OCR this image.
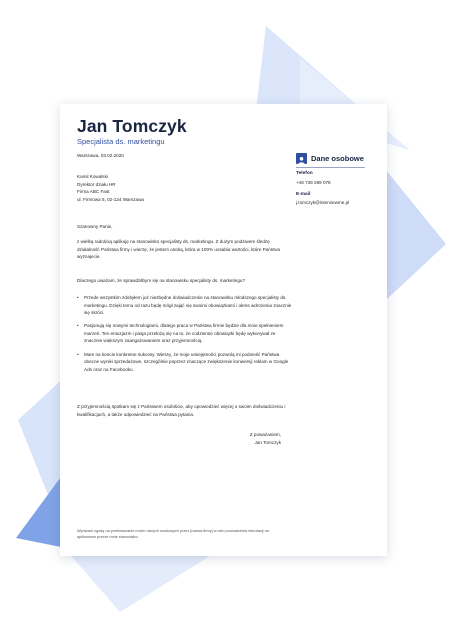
Jan Tomczyk
Specjalista ds. marketingu
Warszawa, 03.02.2020
Kamil Kowalski
Dyrektor działu HR
Firma ABC Fast
ul. Firmowa 5, 02-124 Warszawa
Szanowny Panie,
z wielką radością aplikuję na stanowisko specjalisty ds. marketingu. Z dużym podziwem śledzę działalność Państwa firmy i wierzę, że jestem osobą, która w 100% uosabia wartości, które Państwo wyznajecie.
Dlaczego uważam, że sprawdziłbym się na stanowisku specjalisty ds. marketingu?
• Przede wszystkim zdobyłem już niezbędne doświadczenie na stanowisku młodszego specjalisty ds. marketingu. Dzięki temu od razu będę mógł zająć się swoimi obowiązkami i okres wdrożenia znacznie się skróci.
• Pasjonują się nowymi technologiami, dlatego praca w Państwa firmie będzie dla mnie spełnieniem marzeń. Ten entuzjazm i pasja przełożą się na to, że codzienne obowiązki będę wykonywał ze znacznie większym zaangażowaniem oraz przyjemnością.
• Mam na koncie konkretne sukcesy. Wierzę, że moje umiejętności pozwolą mi podnieść Państwa obecne wyniki sprzedażowe, szczególnie poprzez znaczące zwiększenie konwersji reklam w Google Ads oraz na Facebooku.
Z przyjemnością spotkam się z Państwem osobiście, aby opowiedzieć więcej o swoim doświadczeniu i kwalifikacjach, a także odpowiedzieć na Państwa pytania.
Z poważaniem,
Jan Tomczyk
Wyrażam zgodę na przetwarzanie moich danych osobowych przez [nazwa firmy] w celu prowadzenia rekrutacji na aplikowane przeze mnie stanowisko.
Dane osobowe
Telefon
+48 739 289 078
E-mail
j.tomczyk@interviewme.pl
